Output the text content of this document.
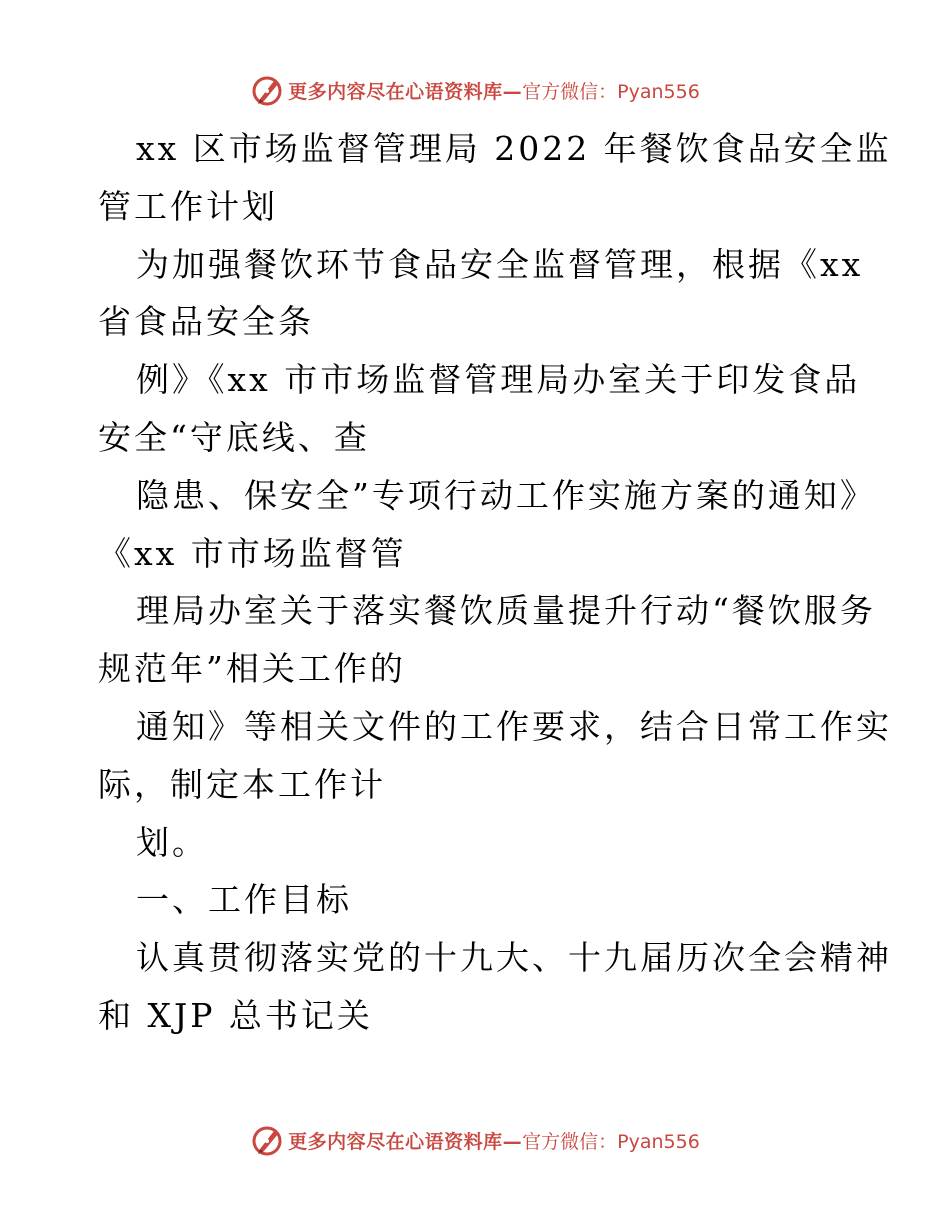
更多内容尽在心语资料库— 官方微信：Pyan556
xx 区市场监督管理局 2022 年餐饮食品安全监
管工作计划
为加强餐饮环节食品安全监督管理，根据《xx
省食品安全条
例》《xx 市市场监督管理局办室关于印发食品
安全“守底线、查
隐患、保安全”专项行动工作实施方案的通知》
《xx 市市场监督管
理局办室关于落实餐饮质量提升行动“餐饮服务
规范年”相关工作的
通知》等相关文件的工作要求，结合日常工作实
际，制定本工作计
划。
一、工作目标
认真贯彻落实党的十九大、十九届历次全会精神
和 XJP 总书记关
更多内容尽在心语资料库— 官方微信：Pyan556
